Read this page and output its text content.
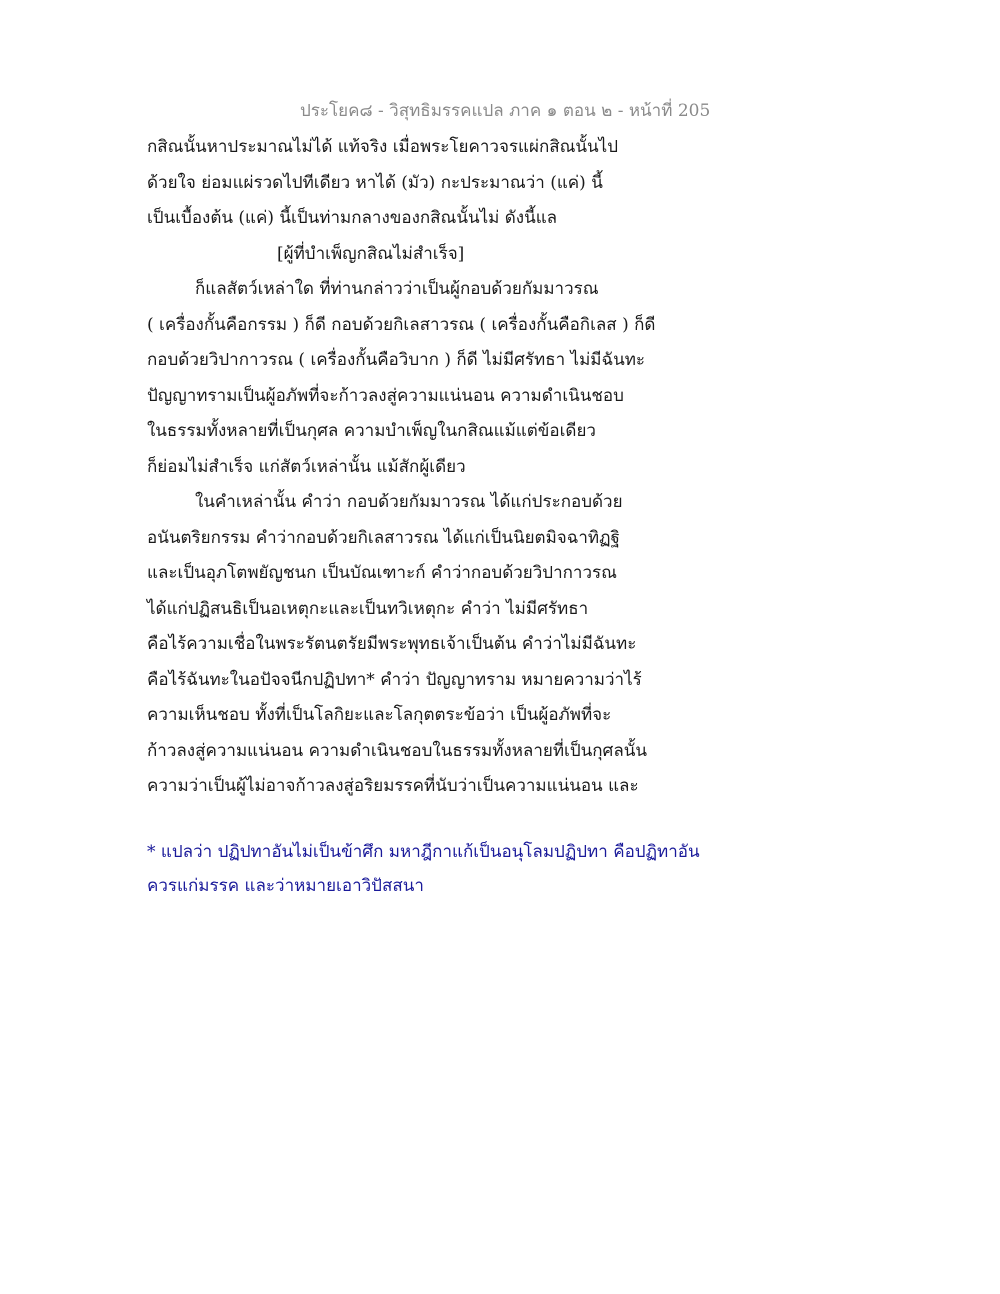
ประโยค๘ - วิสุทธิมรรคแปล ภาค ๑ ตอน ๒ - หน้าที่ 205
กสิณนั้นหาประมาณไม่ได้ แท้จริง เมื่อพระโยคาวจรแผ่กสิณนั้นไป
ด้วยใจ ย่อมแผ่รวดไปทีเดียว หาได้ (มัว) กะประมาณว่า (แค่) นี้
เป็นเบื้องต้น (แค่) นี้เป็นท่ามกลางของกสิณนั้นไม่ ดังนี้แล
[ผู้ที่บำเพ็ญกสิณไม่สำเร็จ]
ก็แลสัตว์เหล่าใด ที่ท่านกล่าวว่าเป็นผู้กอบด้วยกัมมาวรณ
( เครื่องกั้นคือกรรม ) ก็ดี กอบด้วยกิเลสาวรณ ( เครื่องกั้นคือกิเลส ) ก็ดี
กอบด้วยวิปากาวรณ ( เครื่องกั้นคือวิบาก ) ก็ดี ไม่มีศรัทธา ไม่มีฉันทะ
ปัญญาทรามเป็นผู้อภัพที่จะก้าวลงสู่ความแน่นอน ความดำเนินชอบ
ในธรรมทั้งหลายที่เป็นกุศล ความบำเพ็ญในกสิณแม้แต่ข้อเดียว
ก็ย่อมไม่สำเร็จ แก่สัตว์เหล่านั้น แม้สักผู้เดียว
ในคำเหล่านั้น คำว่า กอบด้วยกัมมาวรณ ได้แก่ประกอบด้วย
อนันตริยกรรม คำว่ากอบด้วยกิเลสาวรณ ได้แก่เป็นนิยตมิจฉาทิฏฐิ
และเป็นอุภโตพยัญชนก เป็นบัณเฑาะก์ คำว่ากอบด้วยวิปากาวรณ
ได้แก่ปฏิสนธิเป็นอเหตุกะและเป็นทวิเหตุกะ คำว่า ไม่มีศรัทธา
คือไร้ความเชื่อในพระรัตนตรัยมีพระพุทธเจ้าเป็นต้น คำว่าไม่มีฉันทะ
คือไร้ฉันทะในอปัจจนีกปฏิปทา* คำว่า ปัญญาทราม หมายความว่าไร้
ความเห็นชอบ ทั้งที่เป็นโลกิยะและโลกุตตระข้อว่า เป็นผู้อภัพที่จะ
ก้าวลงสู่ความแน่นอน ความดำเนินชอบในธรรมทั้งหลายที่เป็นกุศลนั้น
ความว่าเป็นผู้ไม่อาจก้าวลงสู่อริยมรรคที่นับว่าเป็นความแน่นอน และ
* แปลว่า ปฏิปทาอันไม่เป็นข้าศึก มหาฎีกาแก้เป็นอนุโลมปฏิปทา คือปฏิทาอัน
ควรแก่มรรค และว่าหมายเอาวิปัสสนา
